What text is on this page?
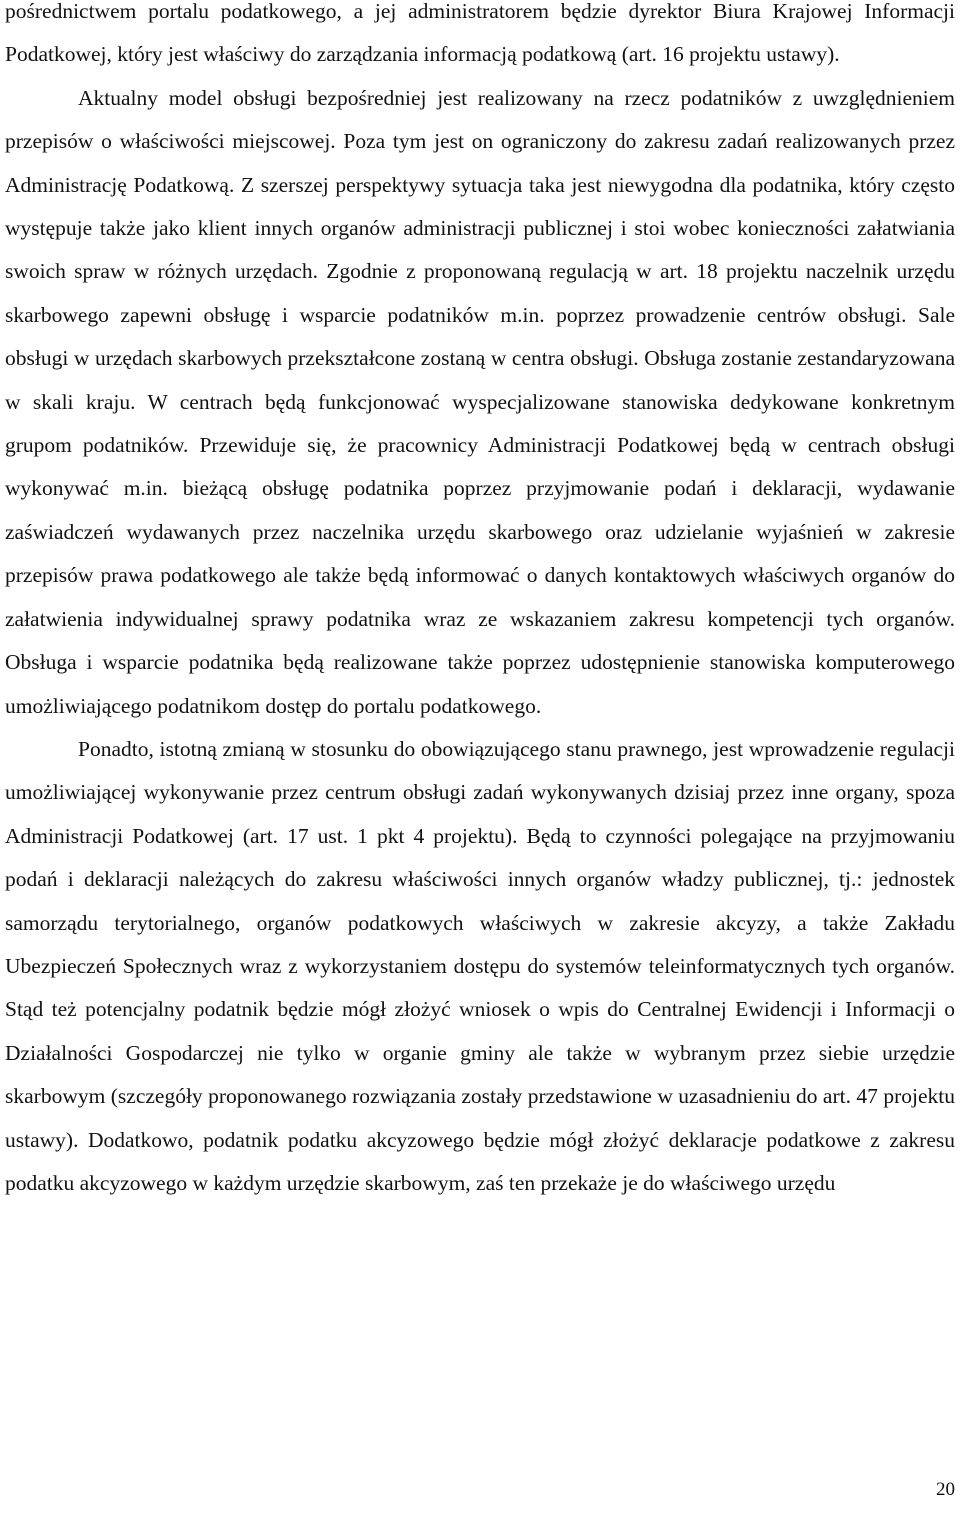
pośrednictwem portalu podatkowego, a jej administratorem będzie dyrektor Biura Krajowej Informacji Podatkowej, który jest właściwy do zarządzania informacją podatkową (art. 16 projektu ustawy).

Aktualny model obsługi bezpośredniej jest realizowany na rzecz podatników z uwzględnieniem przepisów o właściwości miejscowej. Poza tym jest on ograniczony do zakresu zadań realizowanych przez Administrację Podatkową. Z szerszej perspektywy sytuacja taka jest niewygodna dla podatnika, który często występuje także jako klient innych organów administracji publicznej i stoi wobec konieczności załatwiania swoich spraw w różnych urzędach. Zgodnie z proponowaną regulacją w art. 18 projektu naczelnik urzędu skarbowego zapewni obsługę i wsparcie podatników m.in. poprzez prowadzenie centrów obsługi. Sale obsługi w urzędach skarbowych przekształcone zostaną w centra obsługi. Obsługa zostanie zestandaryzowana w skali kraju. W centrach będą funkcjonować wyspecjalizowane stanowiska dedykowane konkretnym grupom podatników. Przewiduje się, że pracownicy Administracji Podatkowej będą w centrach obsługi wykonywać m.in. bieżącą obsługę podatnika poprzez przyjmowanie podań i deklaracji, wydawanie zaświadczeń wydawanych przez naczelnika urzędu skarbowego oraz udzielanie wyjaśnień w zakresie przepisów prawa podatkowego ale także będą informować o danych kontaktowych właściwych organów do załatwienia indywidualnej sprawy podatnika wraz ze wskazaniem zakresu kompetencji tych organów. Obsługa i wsparcie podatnika będą realizowane także poprzez udostępnienie stanowiska komputerowego umożliwiającego podatnikom dostęp do portalu podatkowego.

Ponadto, istotną zmianą w stosunku do obowiązującego stanu prawnego, jest wprowadzenie regulacji umożliwiającej wykonywanie przez centrum obsługi zadań wykonywanych dzisiaj przez inne organy, spoza Administracji Podatkowej (art. 17 ust. 1 pkt 4 projektu). Będą to czynności polegające na przyjmowaniu podań i deklaracji należących do zakresu właściwości innych organów władzy publicznej, tj.: jednostek samorządu terytorialnego, organów podatkowych właściwych w zakresie akcyzy, a także Zakładu Ubezpieczeń Społecznych wraz z wykorzystaniem dostępu do systemów teleinformatycznych tych organów. Stąd też potencjalny podatnik będzie mógł złożyć wniosek o wpis do Centralnej Ewidencji i Informacji o Działalności Gospodarczej nie tylko w organie gminy ale także w wybranym przez siebie urzędzie skarbowym (szczegóły proponowanego rozwiązania zostały przedstawione w uzasadnieniu do art. 47 projektu ustawy). Dodatkowo, podatnik podatku akcyzowego będzie mógł złożyć deklaracje podatkowe z zakresu podatku akcyzowego w każdym urzędzie skarbowym, zaś ten przekaże je do właściwego urzędu

20
